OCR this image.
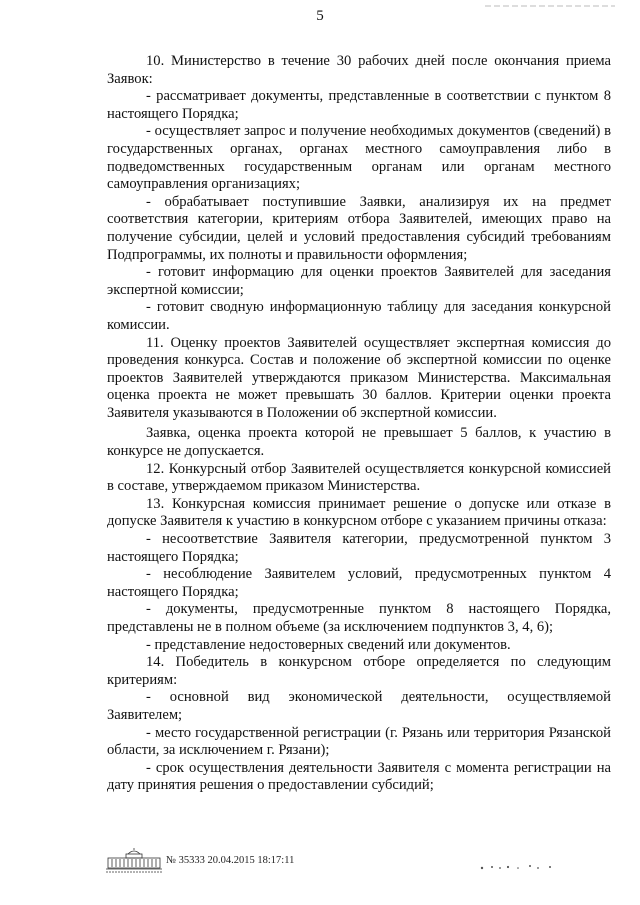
5

10. Министерство в течение 30 рабочих дней после окончания приема Заявок:

- рассматривает документы, представленные в соответствии с пунктом 8 настоящего Порядка;

- осуществляет запрос и получение необходимых документов (сведений) в государственных органах, органах местного самоуправления либо в подведомственных государственным органам или органам местного самоуправления организациях;

- обрабатывает поступившие Заявки, анализируя их на предмет соответствия категории, критериям отбора Заявителей, имеющих право на получение субсидии, целей и условий предоставления субсидий требованиям Подпрограммы, их полноты и правильности оформления;

- готовит информацию для оценки проектов Заявителей для заседания экспертной комиссии;

- готовит сводную информационную таблицу для заседания конкурсной комиссии.

11. Оценку проектов Заявителей осуществляет экспертная комиссия до проведения конкурса. Состав и положение об экспертной комиссии по оценке проектов Заявителей утверждаются приказом Министерства. Максимальная оценка проекта не может превышать 30 баллов. Критерии оценки проекта Заявителя указываются в Положении об экспертной комиссии.

Заявка, оценка проекта которой не превышает 5 баллов, к участию в конкурсе не допускается.

12. Конкурсный отбор Заявителей осуществляется конкурсной комиссией в составе, утверждаемом приказом Министерства.

13. Конкурсная комиссия принимает решение о допуске или отказе в допуске Заявителя к участию в конкурсном отборе с указанием причины отказа:

- несоответствие Заявителя категории, предусмотренной пунктом 3 настоящего Порядка;

- несоблюдение Заявителем условий, предусмотренных пунктом 4 настоящего Порядка;

- документы, предусмотренные пунктом 8 настоящего Порядка, представлены не в полном объеме (за исключением подпунктов 3, 4, 6);

- представление недостоверных сведений или документов.

14. Победитель в конкурсном отборе определяется по следующим критериям:

- основной вид экономической деятельности, осуществляемой Заявителем;

- место государственной регистрации (г. Рязань или территория Рязанской области, за исключением г. Рязани);

- срок осуществления деятельности Заявителя с момента регистрации на дату принятия решения о предоставлении субсидий;

№ 35333 20.04.2015 18:17:11
